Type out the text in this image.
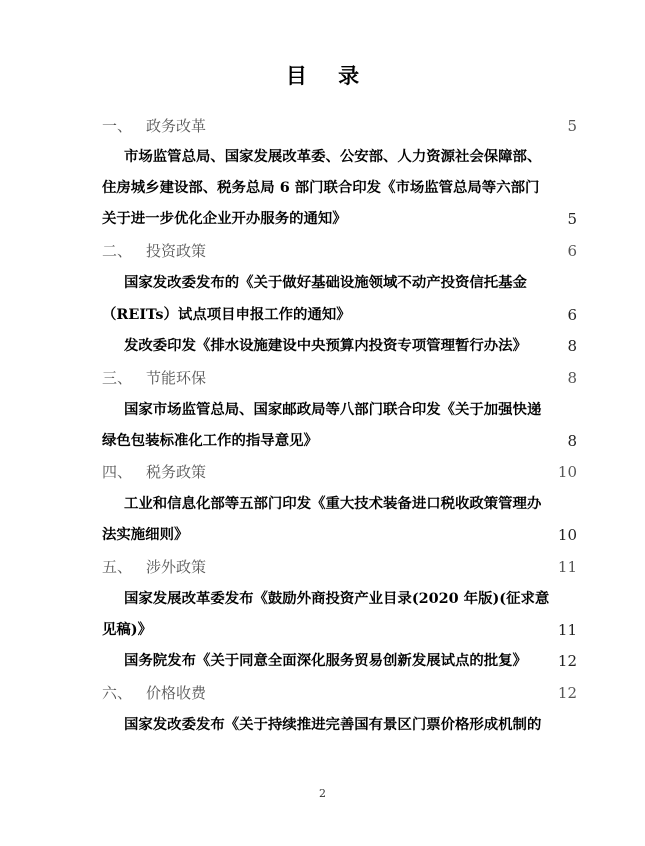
目 录
一、 政务改革	5
市场监管总局、国家发展改革委、公安部、人力资源社会保障部、
住房城乡建设部、税务总局 6 部门联合印发《市场监管总局等六部门
关于进一步优化企业开办服务的通知》	5
二、 投资政策	6
国家发改委发布的《关于做好基础设施领域不动产投资信托基金
（REITs）试点项目申报工作的通知》	6
发改委印发《排水设施建设中央预算内投资专项管理暂行办法》	8
三、 节能环保	8
国家市场监管总局、国家邮政局等八部门联合印发《关于加强快递
绿色包装标准化工作的指导意见》	8
四、 税务政策	10
工业和信息化部等五部门印发《重大技术装备进口税收政策管理办
法实施细则》	10
五、 涉外政策	11
国家发展改革委发布《鼓励外商投资产业目录(2020 年版)(征求意
见稿)》	11
国务院发布《关于同意全面深化服务贸易创新发展试点的批复》 12
六、 价格收费	12
国家发改委发布《关于持续推进完善国有景区门票价格形成机制的
2
